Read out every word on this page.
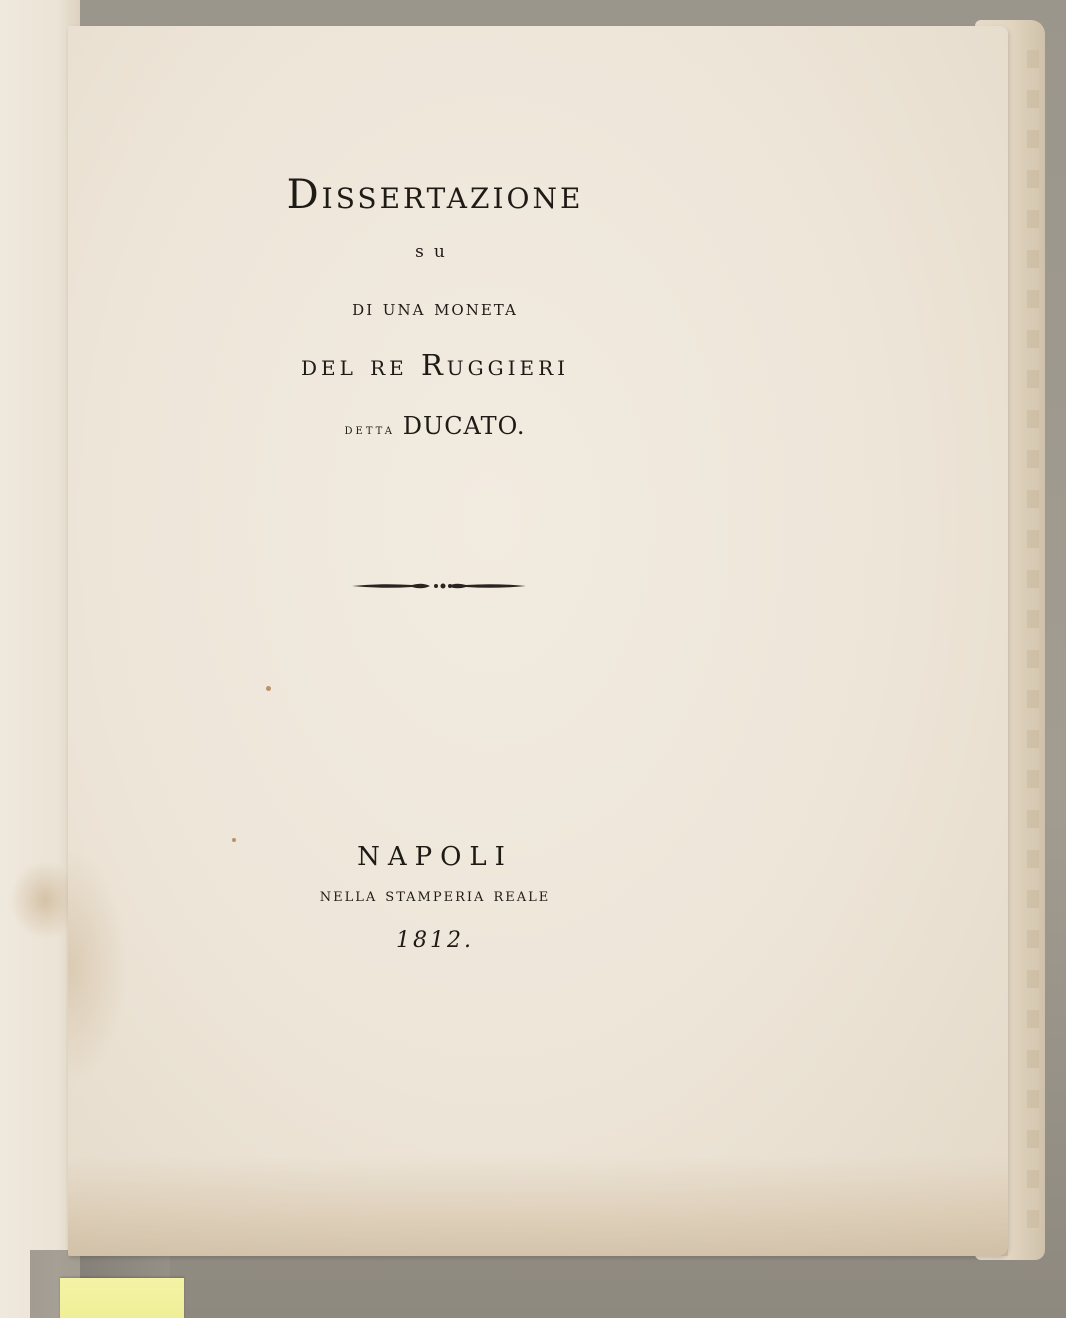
Dissertazione
su
di una moneta
del re Ruggieri
detta DUCATO.
NAPOLI
nella stamperia reale
1812.
